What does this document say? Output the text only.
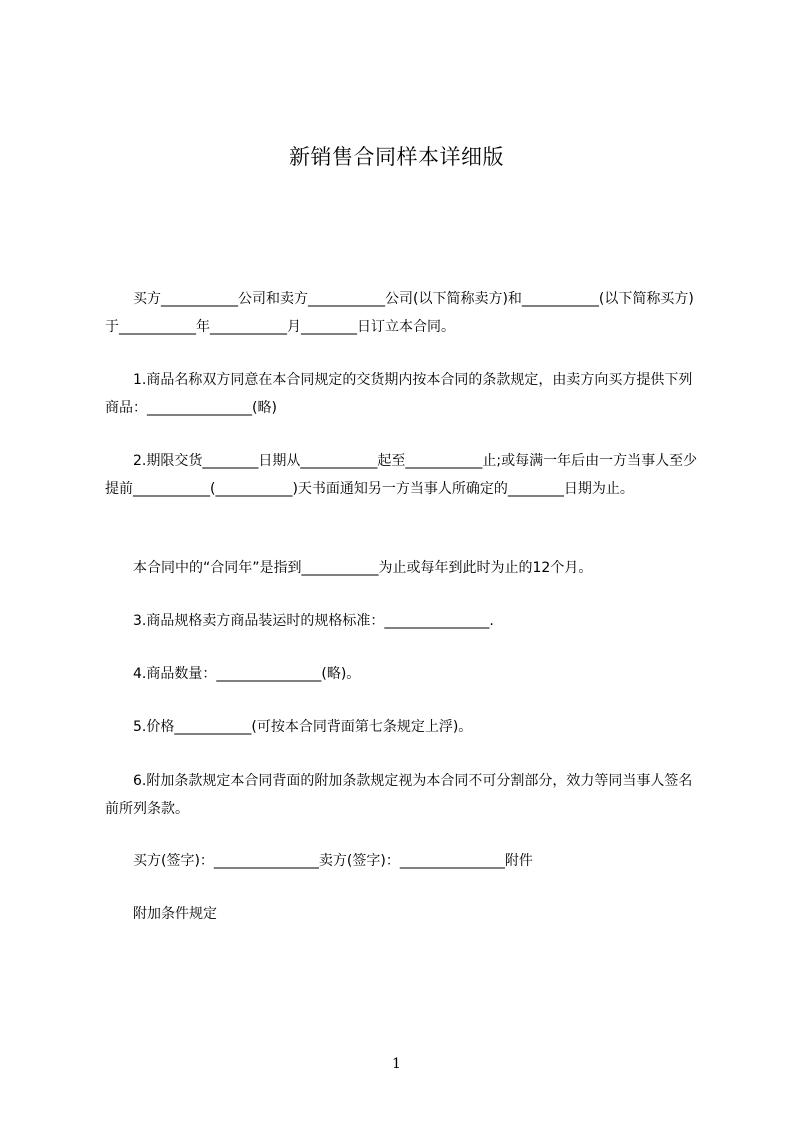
新销售合同样本详细版

　　买方___________公司和卖方___________公司(以下简称卖方)和___________(以下简称买方)于___________年___________月________日订立本合同。

　　1.商品名称双方同意在本合同规定的交货期内按本合同的条款规定，由卖方向买方提供下列商品：_______________(略)

　　2.期限交货________日期从___________起至___________止;或每满一年后由一方当事人至少提前___________(___________)天书面通知另一方当事人所确定的________日期为止。

　　本合同中的“合同年”是指到___________为止或每年到此时为止的12个月。

　　3.商品规格卖方商品装运时的规格标准：_______________.

　　4.商品数量：_______________(略)。

　　5.价格___________(可按本合同背面第七条规定上浮)。

　　6.附加条款规定本合同背面的附加条款规定视为本合同不可分割部分，效力等同当事人签名前所列条款。

　　买方(签字)：_______________卖方(签字)：_______________附件

　　附加条件规定

1
